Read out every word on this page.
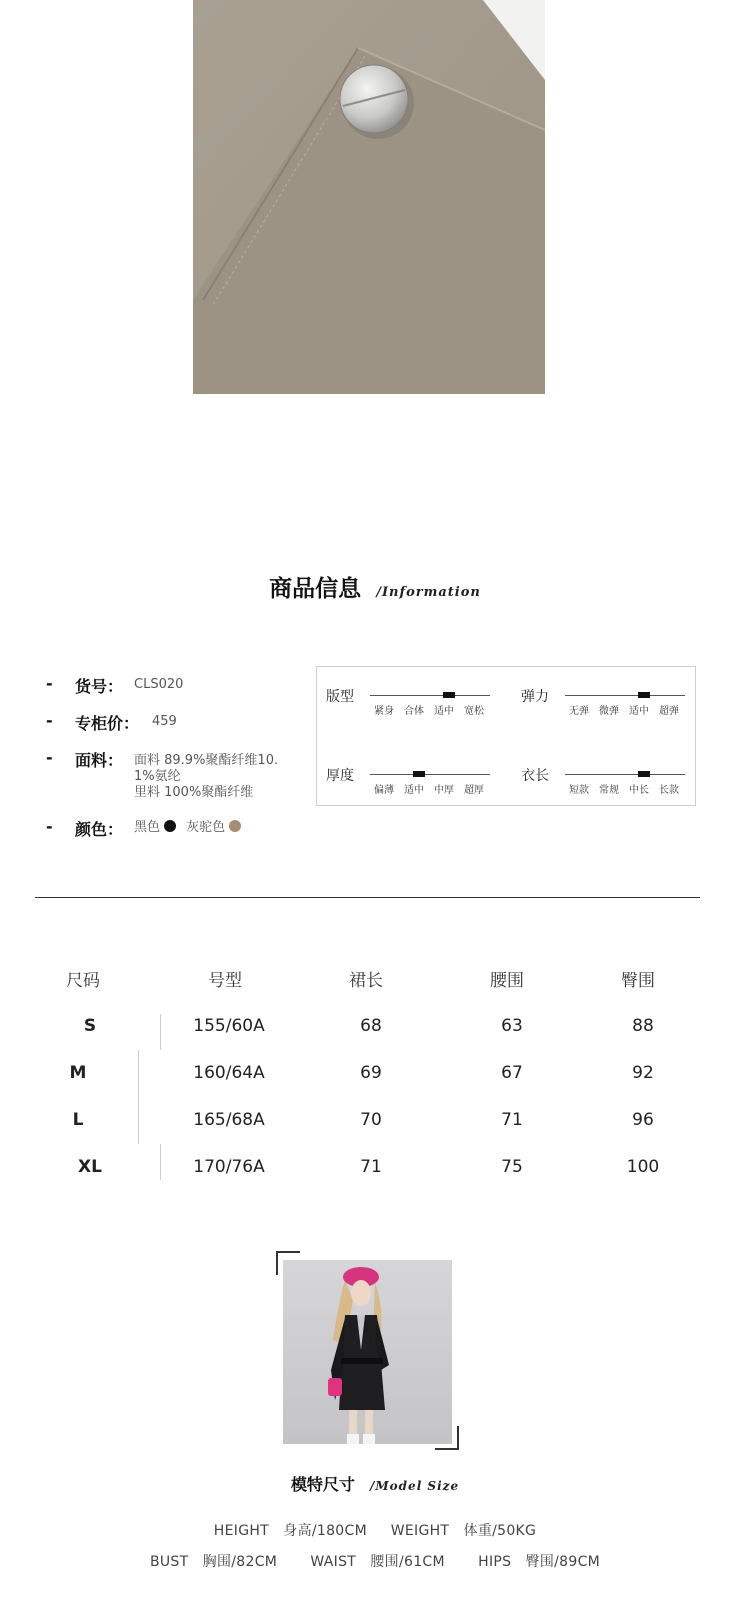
商品信息 /Information
- 货号： CLS020
- 专柜价： 459
- 面料： 面料 89.9%聚酯纤维10.
1%氨纶
里料 100%聚酯纤维
- 颜色： 黑色 灰驼色
版型
紧身 合体 适中 宽松
弹力
无弹 微弹 适中 超弹
厚度
偏薄 适中 中厚 超厚
衣长
短款 常规 中长 长款
尺码	号型	裙长	腰围	臀围
S	155/60A	68	63	88
M	160/64A	69	67	92
L	165/68A	70	71	96
XL	170/76A	71	75	100
模特尺寸 /Model Size
HEIGHT   身高/180CM     WEIGHT   体重/50KG
BUST   胸围/82CM       WAIST   腰围/61CM       HIPS   臀围/89CM
